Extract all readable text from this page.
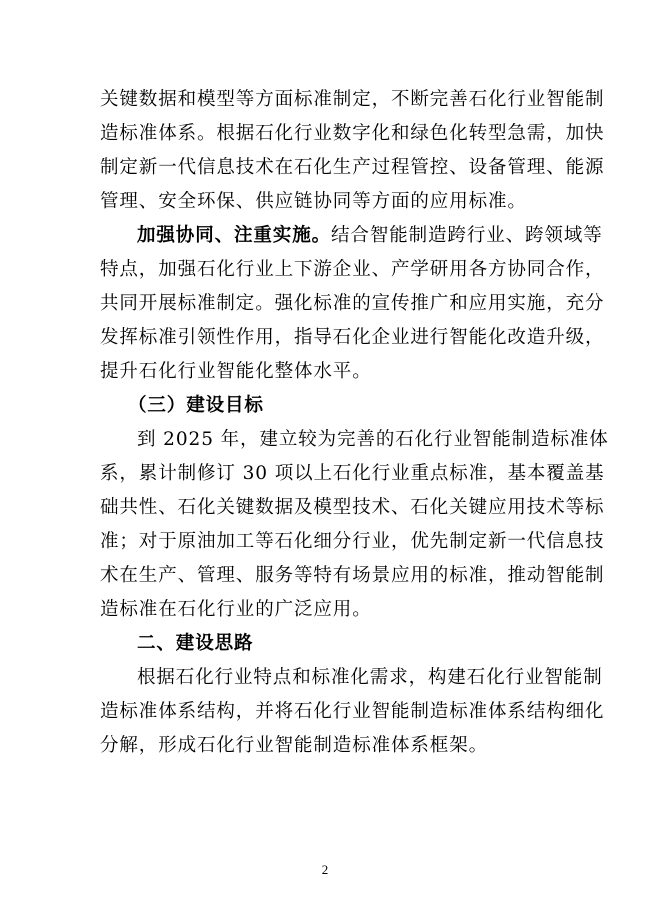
关键数据和模型等方面标准制定，不断完善石化行业智能制
造标准体系。根据石化行业数字化和绿色化转型急需，加快
制定新一代信息技术在石化生产过程管控、设备管理、能源
管理、安全环保、供应链协同等方面的应用标准。
加强协同、注重实施。结合智能制造跨行业、跨领域等
特点，加强石化行业上下游企业、产学研用各方协同合作，
共同开展标准制定。强化标准的宣传推广和应用实施，充分
发挥标准引领性作用，指导石化企业进行智能化改造升级，
提升石化行业智能化整体水平。
（三）建设目标
到 2025 年，建立较为完善的石化行业智能制造标准体
系，累计制修订 30 项以上石化行业重点标准，基本覆盖基
础共性、石化关键数据及模型技术、石化关键应用技术等标
准；对于原油加工等石化细分行业，优先制定新一代信息技
术在生产、管理、服务等特有场景应用的标准，推动智能制
造标准在石化行业的广泛应用。
二、建设思路
根据石化行业特点和标准化需求，构建石化行业智能制
造标准体系结构，并将石化行业智能制造标准体系结构细化
分解，形成石化行业智能制造标准体系框架。
2
